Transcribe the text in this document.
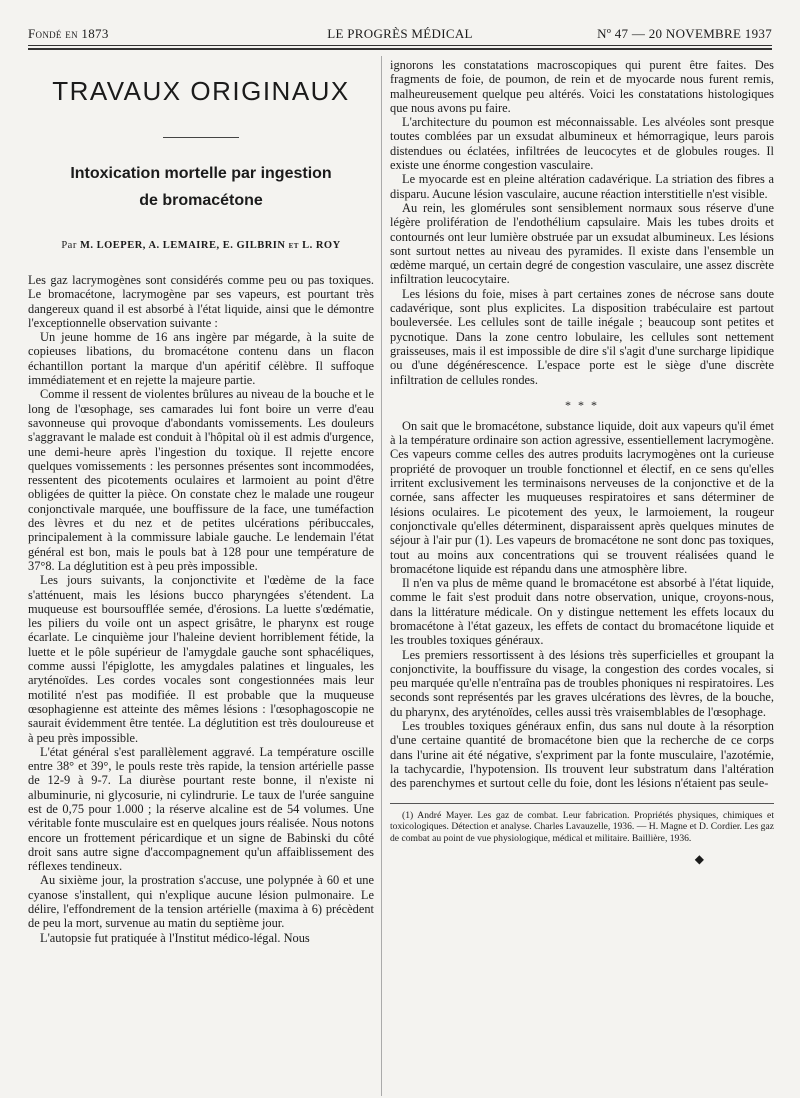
Fondé en 1873	LE PROGRÈS MÉDICAL	Nº 47 — 20 NOVEMBRE 1937
TRAVAUX ORIGINAUX
Intoxication mortelle par ingestion
de bromacétone
Par M. LOEPER, A. LEMAIRE, E. GILBRIN et L. ROY

Les gaz lacrymogènes sont considérés comme peu ou pas toxiques. Le bromacétone, lacrymogène par ses vapeurs, est pourtant très dangereux quand il est absorbé à l'état liquide, ainsi que le démontre l'exceptionnelle observation suivante :

Un jeune homme de 16 ans ingère par mégarde, à la suite de copieuses libations, du bromacétone contenu dans un flacon échantillon portant la marque d'un apéritif célèbre. Il suffoque immédiatement et en rejette la majeure partie.

Comme il ressent de violentes brûlures au niveau de la bouche et le long de l'œsophage, ses camarades lui font boire un verre d'eau savonneuse qui provoque d'abondants vomissements. Les douleurs s'aggravant le malade est conduit à l'hôpital où il est admis d'urgence, une demi-heure après l'ingestion du toxique. Il rejette encore quelques vomissements : les personnes présentes sont incommodées, ressentent des picotements oculaires et larmoient au point d'être obligées de quitter la pièce. On constate chez le malade une rougeur conjonctivale marquée, une bouffissure de la face, une tuméfaction des lèvres et du nez et de petites ulcérations péribuccales, principalement à la commissure labiale gauche. Le lendemain l'état général est bon, mais le pouls bat à 128 pour une température de 37°8. La déglutition est à peu près impossible.

Les jours suivants, la conjonctivite et l'œdème de la face s'atténuent, mais les lésions bucco pharyngées s'étendent. La muqueuse est boursoufflée semée, d'érosions. La luette s'œdématie, les piliers du voile ont un aspect grisâtre, le pharynx est rouge écarlate. Le cinquième jour l'haleine devient horriblement fétide, la luette et le pôle supérieur de l'amygdale gauche sont sphacéliques, comme aussi l'épiglotte, les amygdales palatines et linguales, les aryténoïdes. Les cordes vocales sont congestionnées mais leur motilité n'est pas modifiée. Il est probable que la muqueuse œsophagienne est atteinte des mêmes lésions : l'œsophagoscopie ne saurait évidemment être tentée. La déglutition est très douloureuse et à peu près impossible.

L'état général s'est parallèlement aggravé. La température oscille entre 38° et 39°, le pouls reste très rapide, la tension artérielle passe de 12-9 à 9-7. La diurèse pourtant reste bonne, il n'existe ni albuminurie, ni glycosurie, ni cylindrurie. Le taux de l'urée sanguine est de 0,75 pour 1.000 ; la réserve alcaline est de 54 volumes. Une véritable fonte musculaire est en quelques jours réalisée. Nous notons encore un frottement péricardique et un signe de Babinski du côté droit sans autre signe d'accompagnement qu'un affaiblissement des réflexes tendineux.

Au sixième jour, la prostration s'accuse, une polypnée à 60 et une cyanose s'installent, qui n'explique aucune lésion pulmonaire. Le délire, l'effondrement de la tension artérielle (maxima à 6) précèdent de peu la mort, survenue au matin du septième jour.

L'autopsie fut pratiquée à l'Institut médico-légal. Nous

ignorons les constatations macroscopiques qui purent être faites. Des fragments de foie, de poumon, de rein et de myocarde nous furent remis, malheureusement quelque peu altérés. Voici les constatations histologiques que nous avons pu faire.

L'architecture du poumon est méconnaissable. Les alvéoles sont presque toutes comblées par un exsudat albumineux et hémorragique, leurs parois distendues ou éclatées, infiltrées de leucocytes et de globules rouges. Il existe une énorme congestion vasculaire.

Le myocarde est en pleine altération cadavérique. La striation des fibres a disparu. Aucune lésion vasculaire, aucune réaction interstitielle n'est visible.

Au rein, les glomérules sont sensiblement normaux sous réserve d'une légère prolifération de l'endothélium capsulaire. Mais les tubes droits et contournés ont leur lumière obstruée par un exsudat albumineux. Les lésions sont surtout nettes au niveau des pyramides. Il existe dans l'ensemble un œdème marqué, un certain degré de congestion vasculaire, une assez discrète infiltration leucocytaire.

Les lésions du foie, mises à part certaines zones de nécrose sans doute cadavérique, sont plus explicites. La disposition trabéculaire est partout bouleversée. Les cellules sont de taille inégale ; beaucoup sont petites et pycnotique. Dans la zone centro lobulaire, les cellules sont nettement graisseuses, mais il est impossible de dire s'il s'agit d'une surcharge lipidique ou d'une dégénérescence. L'espace porte est le siège d'une discrète infiltration de cellules rondes.

* * *

On sait que le bromacétone, substance liquide, doit aux vapeurs qu'il émet à la température ordinaire son action agressive, essentiellement lacrymogène. Ces vapeurs comme celles des autres produits lacrymogènes ont la curieuse propriété de provoquer un trouble fonctionnel et électif, en ce sens qu'elles irritent exclusivement les terminaisons nerveuses de la conjonctive et de la cornée, sans affecter les muqueuses respiratoires et sans déterminer de lésions oculaires. Le picotement des yeux, le larmoiement, la rougeur conjonctivale qu'elles déterminent, disparaissent après quelques minutes de séjour à l'air pur (1). Les vapeurs de bromacétone ne sont donc pas toxiques, tout au moins aux concentrations qui se trouvent réalisées quand le bromacétone liquide est répandu dans une atmosphère libre.

Il n'en va plus de même quand le bromacétone est absorbé à l'état liquide, comme le fait s'est produit dans notre observation, unique, croyons-nous, dans la littérature médicale. On y distingue nettement les effets locaux du bromacétone à l'état gazeux, les effets de contact du bromacétone liquide et les troubles toxiques généraux.

Les premiers ressortissent à des lésions très superficielles et groupant la conjonctivite, la bouffissure du visage, la congestion des cordes vocales, si peu marquée qu'elle n'entraîna pas de troubles phoniques ni respiratoires. Les seconds sont représentés par les graves ulcérations des lèvres, de la bouche, du pharynx, des aryténoïdes, celles aussi très vraisemblables de l'œsophage.

Les troubles toxiques généraux enfin, dus sans nul doute à la résorption d'une certaine quantité de bromacétone bien que la recherche de ce corps dans l'urine ait été négative, s'expriment par la fonte musculaire, l'azotémie, la tachycardie, l'hypotension. Ils trouvent leur substratum dans l'altération des parenchymes et surtout celle du foie, dont les lésions n'étaient pas seule-

(1) André Mayer. Les gaz de combat. Leur fabrication. Propriétés physiques, chimiques et toxicologiques. Détection et analyse. Charles Lavauzelle, 1936. — H. Magne et D. Cordier. Les gaz de combat au point de vue physiologique, médical et militaire. Baillière, 1936.
◆
